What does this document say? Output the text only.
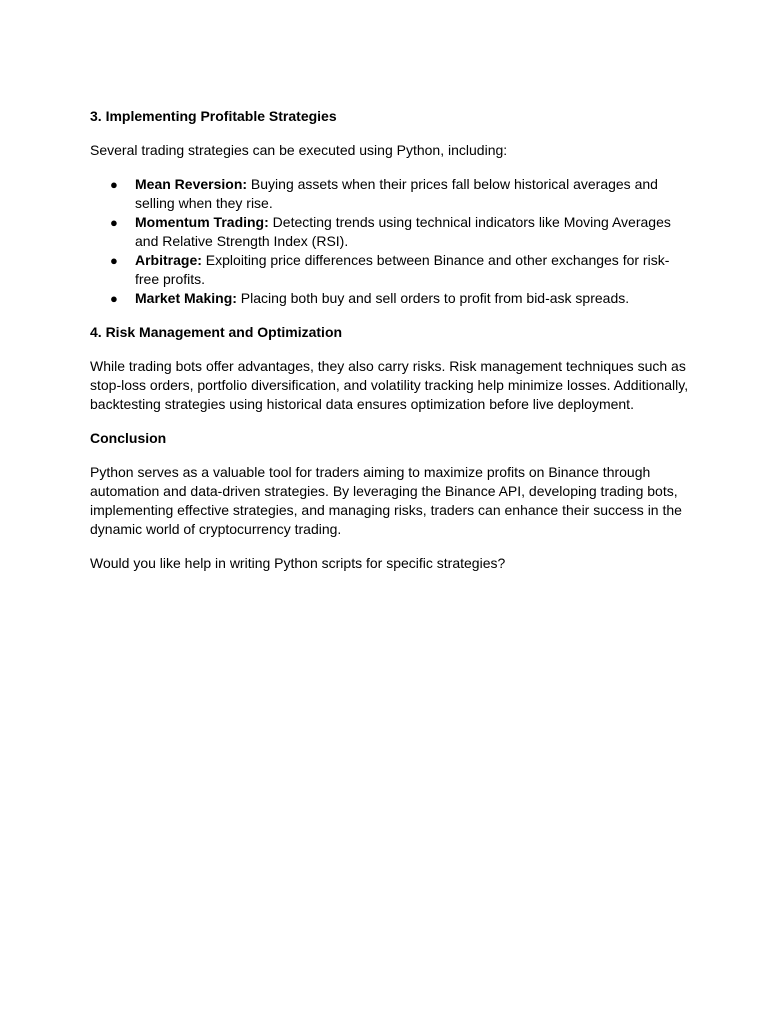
3. Implementing Profitable Strategies

Several trading strategies can be executed using Python, including:

● Mean Reversion: Buying assets when their prices fall below historical averages and selling when they rise.
● Momentum Trading: Detecting trends using technical indicators like Moving Averages and Relative Strength Index (RSI).
● Arbitrage: Exploiting price differences between Binance and other exchanges for risk-free profits.
● Market Making: Placing both buy and sell orders to profit from bid-ask spreads.
4. Risk Management and Optimization

While trading bots offer advantages, they also carry risks. Risk management techniques such as stop-loss orders, portfolio diversification, and volatility tracking help minimize losses. Additionally, backtesting strategies using historical data ensures optimization before live deployment.

Conclusion

Python serves as a valuable tool for traders aiming to maximize profits on Binance through automation and data-driven strategies. By leveraging the Binance API, developing trading bots, implementing effective strategies, and managing risks, traders can enhance their success in the dynamic world of cryptocurrency trading.

Would you like help in writing Python scripts for specific strategies?
